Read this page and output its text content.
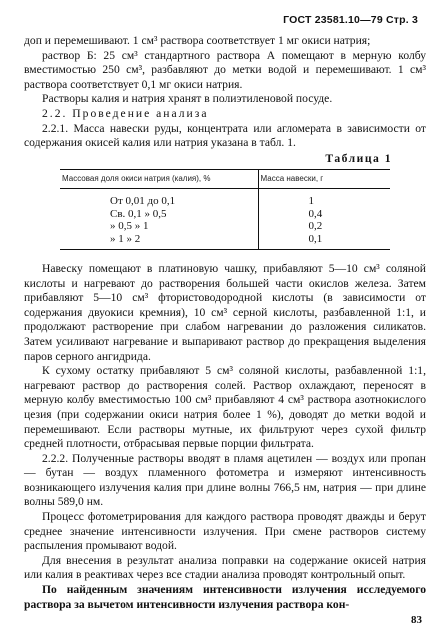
ГОСТ 23581.10—79 Стр. 3

доп и перемешивают. 1 см³ раствора соответствует 1 мг окиси натрия;

раствор Б: 25 см³ стандартного раствора А помещают в мерную колбу вместимостью 250 см³, разбавляют до метки водой и перемешивают. 1 см³ раствора соответствует 0,1 мг окиси натрия.

Растворы калия и натрия хранят в полиэтиленовой посуде.

2.2. Проведение анализа

2.2.1. Масса навески руды, концентрата или агломерата в зависимости от содержания окисей калия или натрия указана в табл. 1.

Таблица 1
Массовая доля окиси натрия (калия), %	Масса навески, г
От 0,01 до 0,1	1
Св. 0,1 » 0,5	0,4
» 0,5 » 1	0,2
» 1 » 2	0,1

Навеску помещают в платиновую чашку, прибавляют 5—10 см³ соляной кислоты и нагревают до растворения большей части окислов железа. Затем прибавляют 5—10 см³ фтористоводородной кислоты (в зависимости от содержания двуокиси кремния), 10 см³ серной кислоты, разбавленной 1:1, и продолжают растворение при слабом нагревании до разложения силикатов. Затем усиливают нагревание и выпаривают раствор до прекращения выделения паров серного ангидрида.

К сухому остатку прибавляют 5 см³ соляной кислоты, разбавленной 1:1, нагревают раствор до растворения солей. Раствор охлаждают, переносят в мерную колбу вместимостью 100 см³ прибавляют 4 см³ раствора азотнокислого цезия (при содержании окиси натрия более 1 %), доводят до метки водой и перемешивают. Если растворы мутные, их фильтруют через сухой фильтр средней плотности, отбрасывая первые порции фильтрата.

2.2.2. Полученные растворы вводят в пламя ацетилен — воздух или пропан — бутан — воздух пламенного фотометра и измеряют интенсивность возникающего излучения калия при длине волны 766,5 нм, натрия — при длине волны 589,0 нм.

Процесс фотометрирования для каждого раствора проводят дважды и берут среднее значение интенсивности излучения. При смене растворов систему распыления промывают водой.

Для внесения в результат анализа поправки на содержание окисей натрия или калия в реактивах через все стадии анализа проводят контрольный опыт.

По найденным значениям интенсивности излучения исследуемого раствора за вычетом интенсивности излучения раствора кон-

83
